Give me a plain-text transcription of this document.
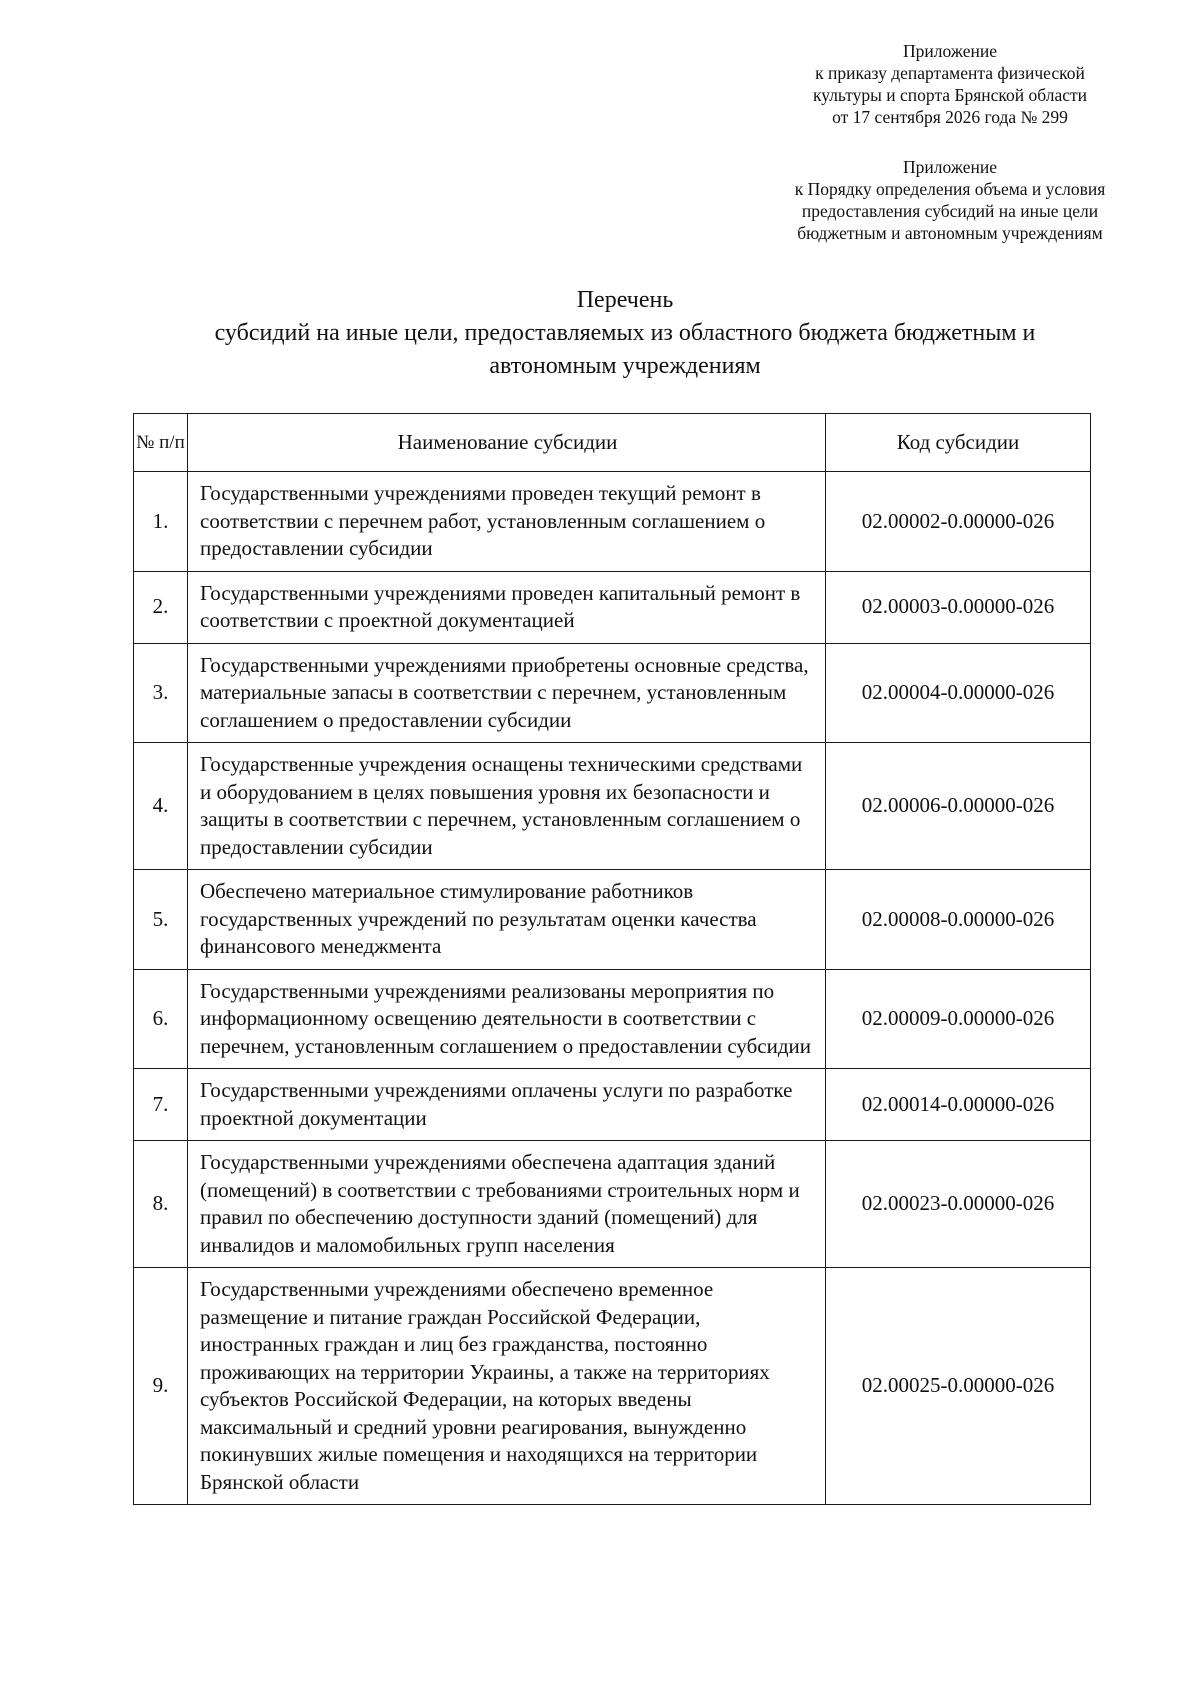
Приложение
к приказу департамента физической
культуры и спорта Брянской области
от 17 сентября 2026 года № 299
Приложение
к Порядку определения объема и условия
предоставления субсидий на иные цели
бюджетным и автономным учреждениям
Перечень
субсидий на иные цели, предоставляемых из областного бюджета бюджетным и
автономным учреждениям
№ п/п	Наименование субсидии	Код субсидии
1.	Государственными учреждениями проведен текущий ремонт в соответствии с перечнем работ, установленным соглашением о предоставлении субсидии	02.00002-0.00000-026
2.	Государственными учреждениями проведен капитальный ремонт в соответствии с проектной документацией	02.00003-0.00000-026
3.	Государственными учреждениями приобретены основные средства, материальные запасы в соответствии с перечнем, установленным соглашением о предоставлении субсидии	02.00004-0.00000-026
4.	Государственные учреждения оснащены техническими средствами и оборудованием в целях повышения уровня их безопасности и защиты в соответствии с перечнем, установленным соглашением о предоставлении субсидии	02.00006-0.00000-026
5.	Обеспечено материальное стимулирование работников государственных учреждений по результатам оценки качества финансового менеджмента	02.00008-0.00000-026
6.	Государственными учреждениями реализованы мероприятия по информационному освещению деятельности в соответствии с перечнем, установленным соглашением о предоставлении субсидии	02.00009-0.00000-026
7.	Государственными учреждениями оплачены услуги по разработке проектной документации	02.00014-0.00000-026
8.	Государственными учреждениями обеспечена адаптация зданий (помещений) в соответствии с требованиями строительных норм и правил по обеспечению доступности зданий (помещений) для инвалидов и маломобильных групп населения	02.00023-0.00000-026
9.	Государственными учреждениями обеспечено временное размещение и питание граждан Российской Федерации, иностранных граждан и лиц без гражданства, постоянно проживающих на территории Украины, а также на территориях субъектов Российской Федерации, на которых введены максимальный и средний уровни реагирования, вынужденно покинувших жилые помещения и находящихся на территории Брянской области	02.00025-0.00000-026
